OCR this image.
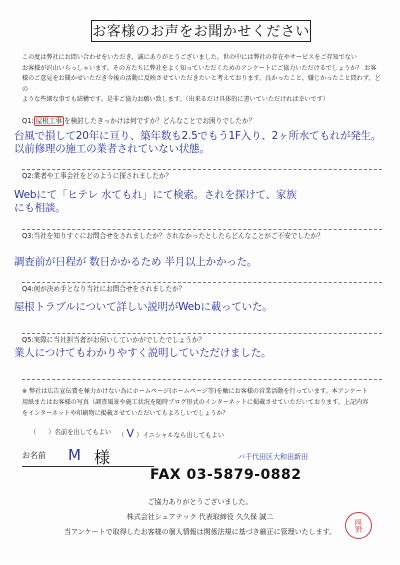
お客様のお声をお聞かせください
この度は弊社にお問い合わせをいただき、誠にありがとうございました。世の中には弊社の存在やサービスをご存知でない
お客様が沢山いらっしゃいます。その方たちに弊社をよく知っていただくためのアンケートにご協力いただけるでしょうか？ お客
様のご意見をお聞かせいただき今後の活動に反映させていただきたいと考えております。良かったこと、嫌じかったこと問わず、どの
ような些細な事でも結構です。是非ご協力お願い致します。（出来るだけ具体的に書いていただければ幸いです）
Q1: 屋根工事 を検討したきっかけは何ですか？どんなことでお困りでしたか？
台風で損して20年に亘り、築年数も2.5でもう1F入り、2ヶ所水てもれが発生。
以前修理の施工の業者されていない状態。
Q2:業者や工事会社をどのように探されましたか？
Webにて「ヒテレ 水てもれ」にて検索。されを探けて、家族
にも相談。
Q3:当社を知りすぐにお問合せをされましたか？されなかったとしたらどんなことがご不安でしたか？
調査前が日程が 数日かかるため 半月以上かかった。
Q4:何が決め手となり当社にお問合せをされましたか？
屋根トラブルについて詳しい説明がWebに載っていた。
Q5:実際に当社担当者がお伺いしていかがでしたでしょうか？
業人につけてもわかりやすく説明していただけました。
※ 弊社は広告宣伝費を極力かけない為にホームページ(ホームページ等)を軸にお客様の営業活動を行っています。本アンケート
用紙またはお客様の写真（調査風景や施工状況を随時ブログ形式のインターネットに掲載させていただいております。上記内容
をインターネットや印刷物に掲載させていただいてもよろしいでしょうか？
（ ）名前を出してもよい （ V ）イニシャルなら出してもよい
お名前 M 様	バ千代田区大和田新田
FAX 03-5879-0882
ご協力ありがとうございました。
株式会社シェアテック 代表取締役 久久保 誠二
当アンケートで取得したお客様の個人情報は関係法規に基づき厳正に管理いたします。
岡
野
